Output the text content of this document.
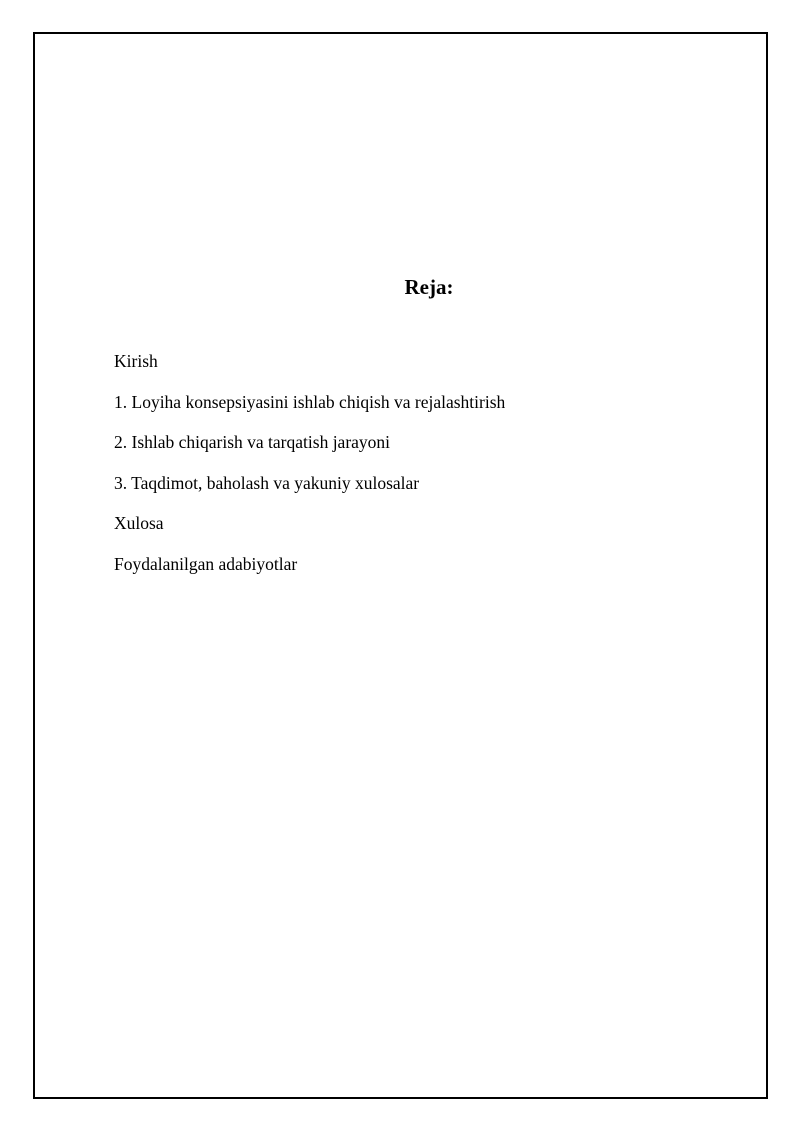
Reja:
Kirish
1. Loyiha konsepsiyasini ishlab chiqish va rejalashtirish
2. Ishlab chiqarish va tarqatish jarayoni
3. Taqdimot, baholash va yakuniy xulosalar
Xulosa
Foydalanilgan adabiyotlar
